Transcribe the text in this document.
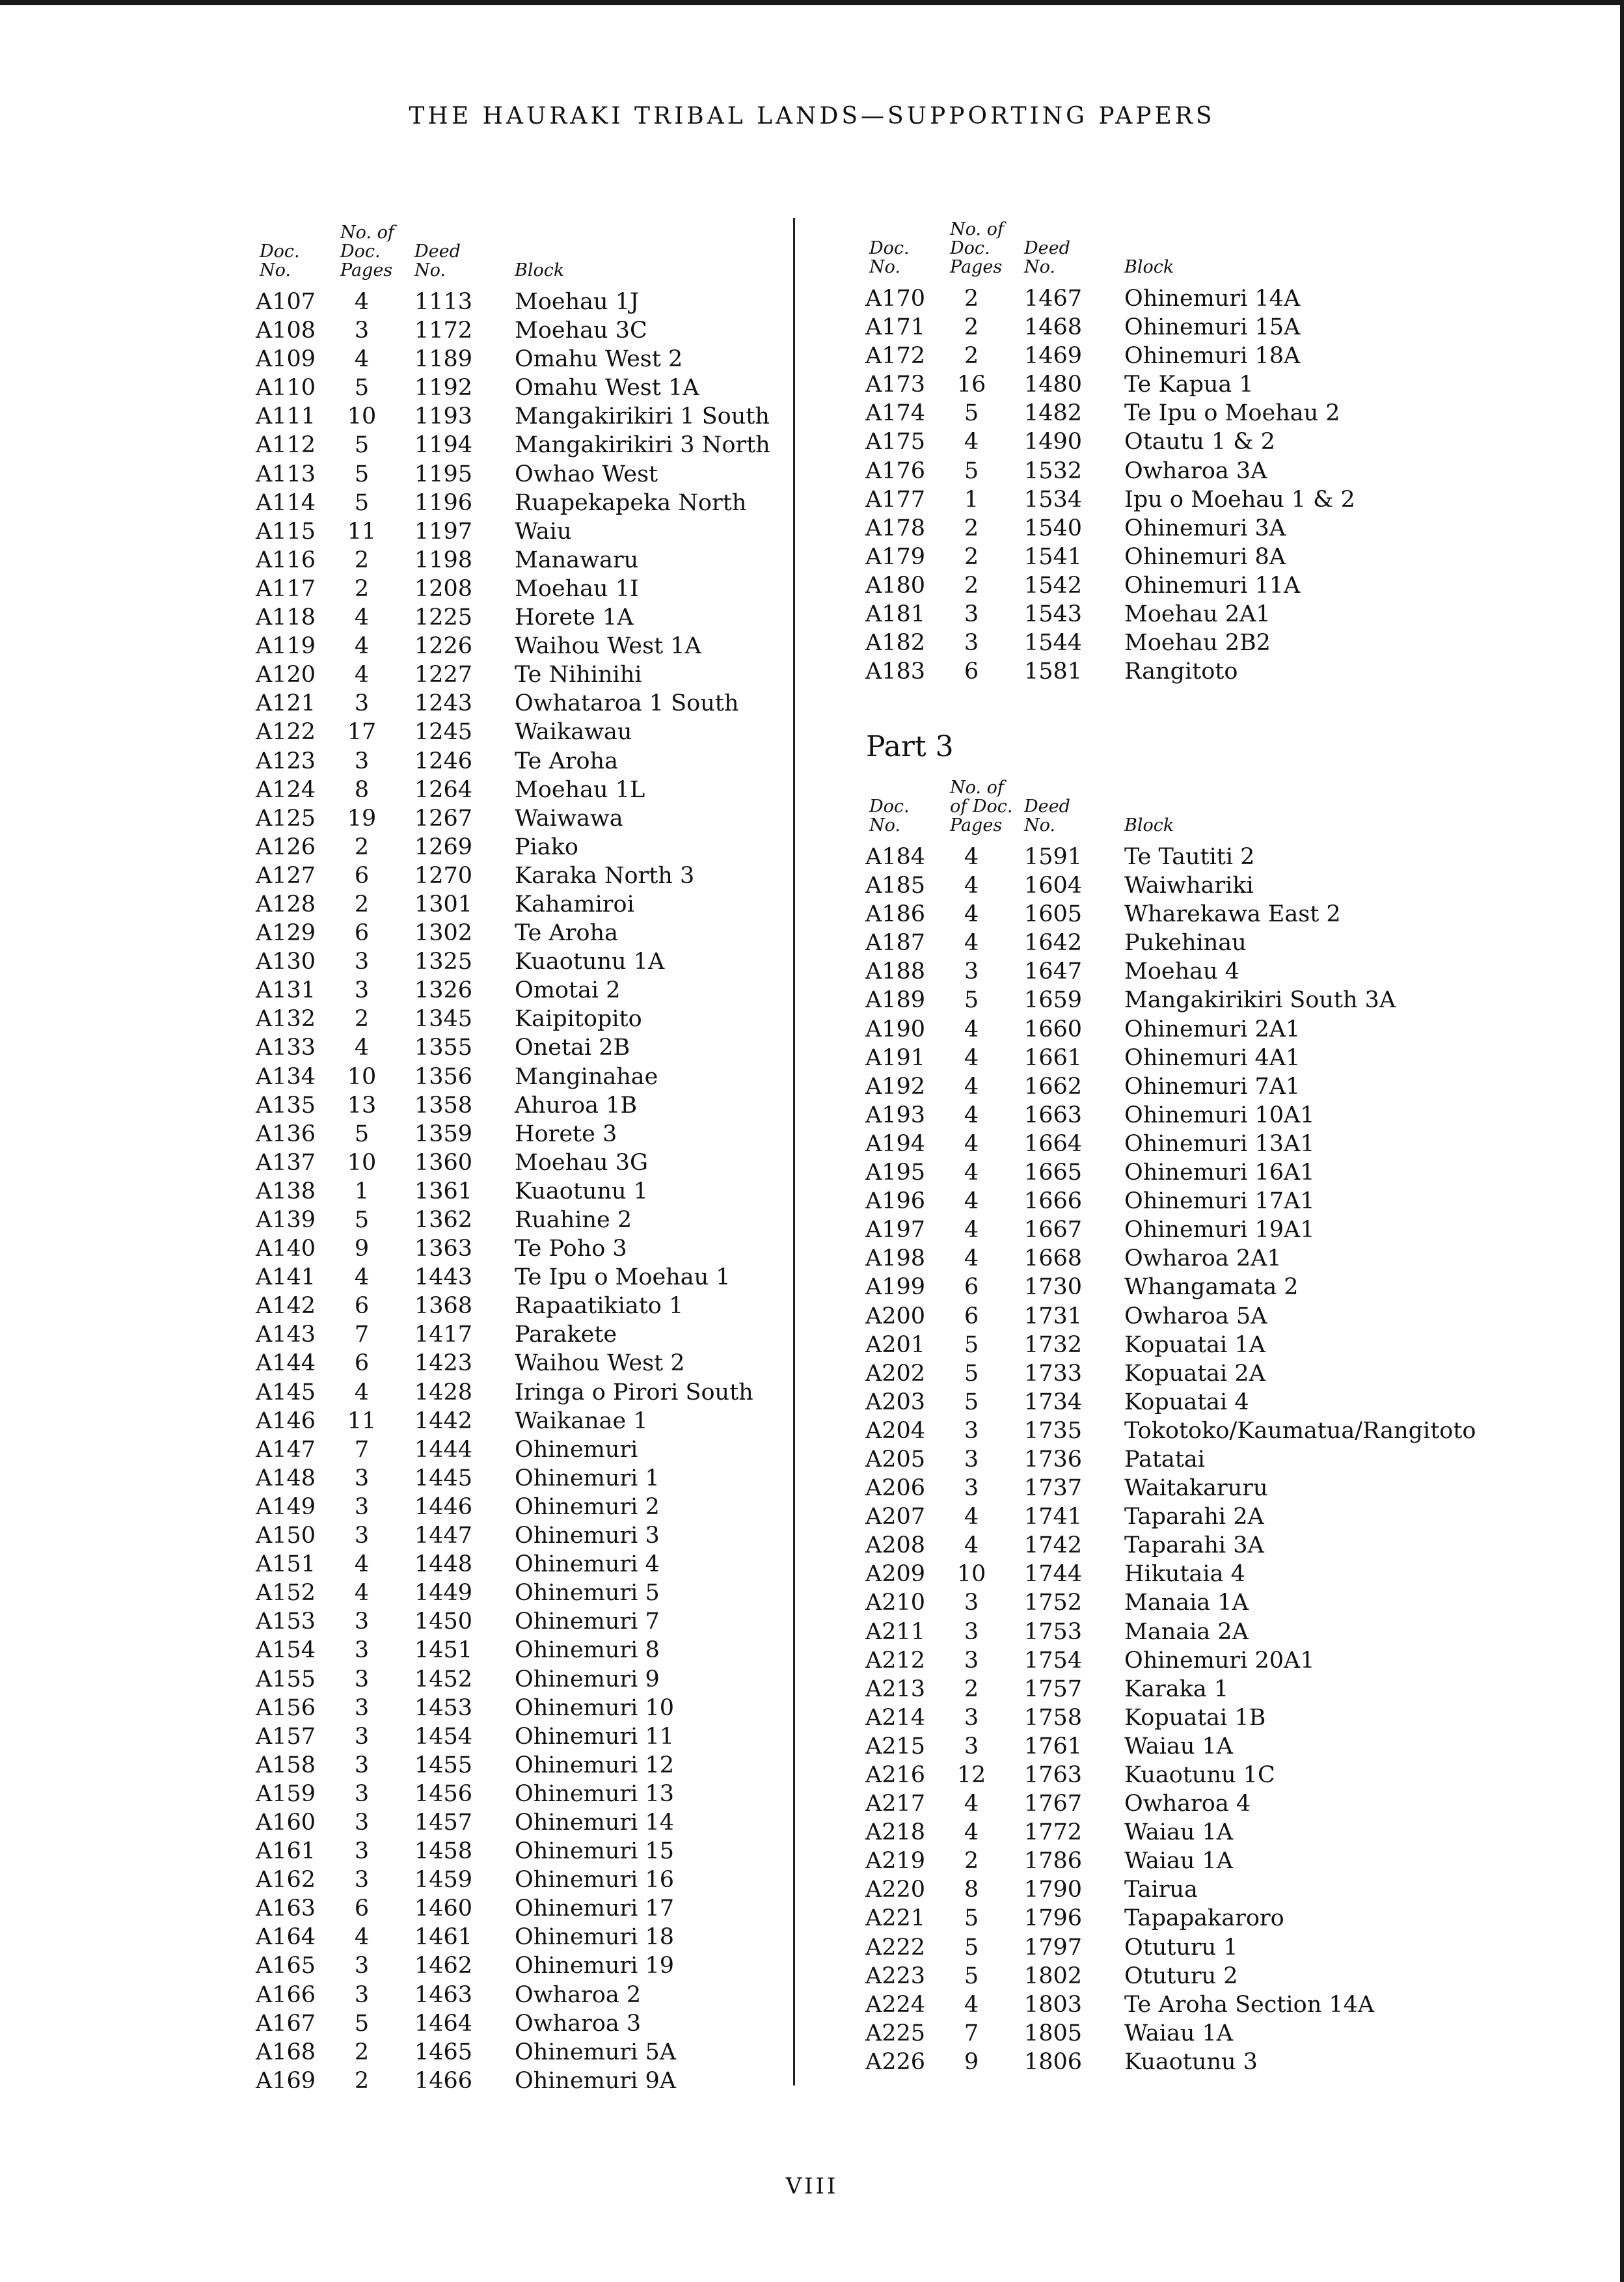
THE HAURAKI TRIBAL LANDS—SUPPORTING PAPERS
Doc.
No.
No. of
Doc.
Pages
Deed
No.	Block
A107	4	1113 Moehau 1J
A108	3	1172 Moehau 3C
A109	4	1189 Omahu West 2
A110	5	1192 Omahu West 1A
A111	10	1193 Mangakirikiri 1 South
A112	5	1194 Mangakirikiri 3 North
A113	5	1195 Owhao West
A114	5	1196 Ruapekapeka North
A115	11	1197 Waiu
A116	2	1198 Manawaru
A117	2	1208 Moehau 1I
A118	4	1225 Horete 1A
A119	4	1226 Waihou West 1A
A120	4	1227 Te Nihinihi
A121	3	1243 Owhataroa 1 South
A122	17	1245 Waikawau
A123	3	1246 Te Aroha
A124	8	1264 Moehau 1L
A125	19	1267 Waiwawa
A126	2	1269 Piako
A127	6	1270 Karaka North 3
A128	2	1301 Kahamiroi
A129	6	1302 Te Aroha
A130	3	1325 Kuaotunu 1A
A131	3	1326 Omotai 2
A132	2	1345 Kaipitopito
A133	4	1355 Onetai 2B
A134	10	1356 Manginahae
A135	13	1358 Ahuroa 1B
A136	5	1359 Horete 3
A137	10	1360 Moehau 3G
A138	1	1361 Kuaotunu 1
A139	5	1362 Ruahine 2
A140	9	1363 Te Poho 3
A141	4	1443 Te Ipu o Moehau 1
A142	6	1368 Rapaatikiato 1
A143	7	1417 Parakete
A144	6	1423 Waihou West 2
A145	4	1428 Iringa o Pirori South
A146	11	1442 Waikanae 1
A147	7	1444 Ohinemuri
A148	3	1445 Ohinemuri 1
A149	3	1446 Ohinemuri 2
A150	3	1447 Ohinemuri 3
A151	4	1448 Ohinemuri 4
A152	4	1449 Ohinemuri 5
A153	3	1450 Ohinemuri 7
A154	3	1451 Ohinemuri 8
A155	3	1452 Ohinemuri 9
A156	3	1453 Ohinemuri 10
A157	3	1454 Ohinemuri 11
A158	3	1455 Ohinemuri 12
A159	3	1456 Ohinemuri 13
A160	3	1457 Ohinemuri 14
A161	3	1458 Ohinemuri 15
A162	3	1459 Ohinemuri 16
A163	6	1460 Ohinemuri 17
A164	4	1461 Ohinemuri 18
A165	3	1462 Ohinemuri 19
A166	3	1463 Owharoa 2
A167	5	1464 Owharoa 3
A168	2	1465 Ohinemuri 5A
A169	2	1466 Ohinemuri 9A
Doc.
No.
No. of
Doc.
Pages
Deed
No.	Block
A170	2	1467 Ohinemuri 14A
A171	2	1468 Ohinemuri 15A
A172	2	1469 Ohinemuri 18A
A173	16	1480 Te Kapua 1
A174	5	1482 Te Ipu o Moehau 2
A175	4	1490 Otautu 1 & 2
A176	5	1532 Owharoa 3A
A177	1	1534 Ipu o Moehau 1 & 2
A178	2	1540 Ohinemuri 3A
A179	2	1541 Ohinemuri 8A
A180	2	1542 Ohinemuri 11A
A181	3	1543 Moehau 2A1
A182	3	1544 Moehau 2B2
A183	6	1581 Rangitoto
Part 3
Doc.
No.
No. of
of Doc.
Pages
Deed
No.	Block
A184	4	1591 Te Tautiti 2
A185	4	1604 Waiwhariki
A186	4	1605 Wharekawa East 2
A187	4	1642 Pukehinau
A188	3	1647 Moehau 4
A189	5	1659 Mangakirikiri South 3A
A190	4	1660 Ohinemuri 2A1
A191	4	1661 Ohinemuri 4A1
A192	4	1662 Ohinemuri 7A1
A193	4	1663 Ohinemuri 10A1
A194	4	1664 Ohinemuri 13A1
A195	4	1665 Ohinemuri 16A1
A196	4	1666 Ohinemuri 17A1
A197	4	1667 Ohinemuri 19A1
A198	4	1668 Owharoa 2A1
A199	6	1730 Whangamata 2
A200	6	1731 Owharoa 5A
A201	5	1732 Kopuatai 1A
A202	5	1733 Kopuatai 2A
A203	5	1734 Kopuatai 4
A204	3	1735 Tokotoko/Kaumatua/Rangitoto
A205	3	1736 Patatai
A206	3	1737 Waitakaruru
A207	4	1741 Taparahi 2A
A208	4	1742 Taparahi 3A
A209	10	1744 Hikutaia 4
A210	3	1752 Manaia 1A
A211	3	1753 Manaia 2A
A212	3	1754 Ohinemuri 20A1
A213	2	1757 Karaka 1
A214	3	1758 Kopuatai 1B
A215	3	1761 Waiau 1A
A216	12	1763 Kuaotunu 1C
A217	4	1767 Owharoa 4
A218	4	1772 Waiau 1A
A219	2	1786 Waiau 1A
A220	8	1790 Tairua
A221	5	1796 Tapapakaroro
A222	5	1797 Otuturu 1
A223	5	1802 Otuturu 2
A224	4	1803 Te Aroha Section 14A
A225	7	1805 Waiau 1A
A226	9	1806 Kuaotunu 3
VIII
